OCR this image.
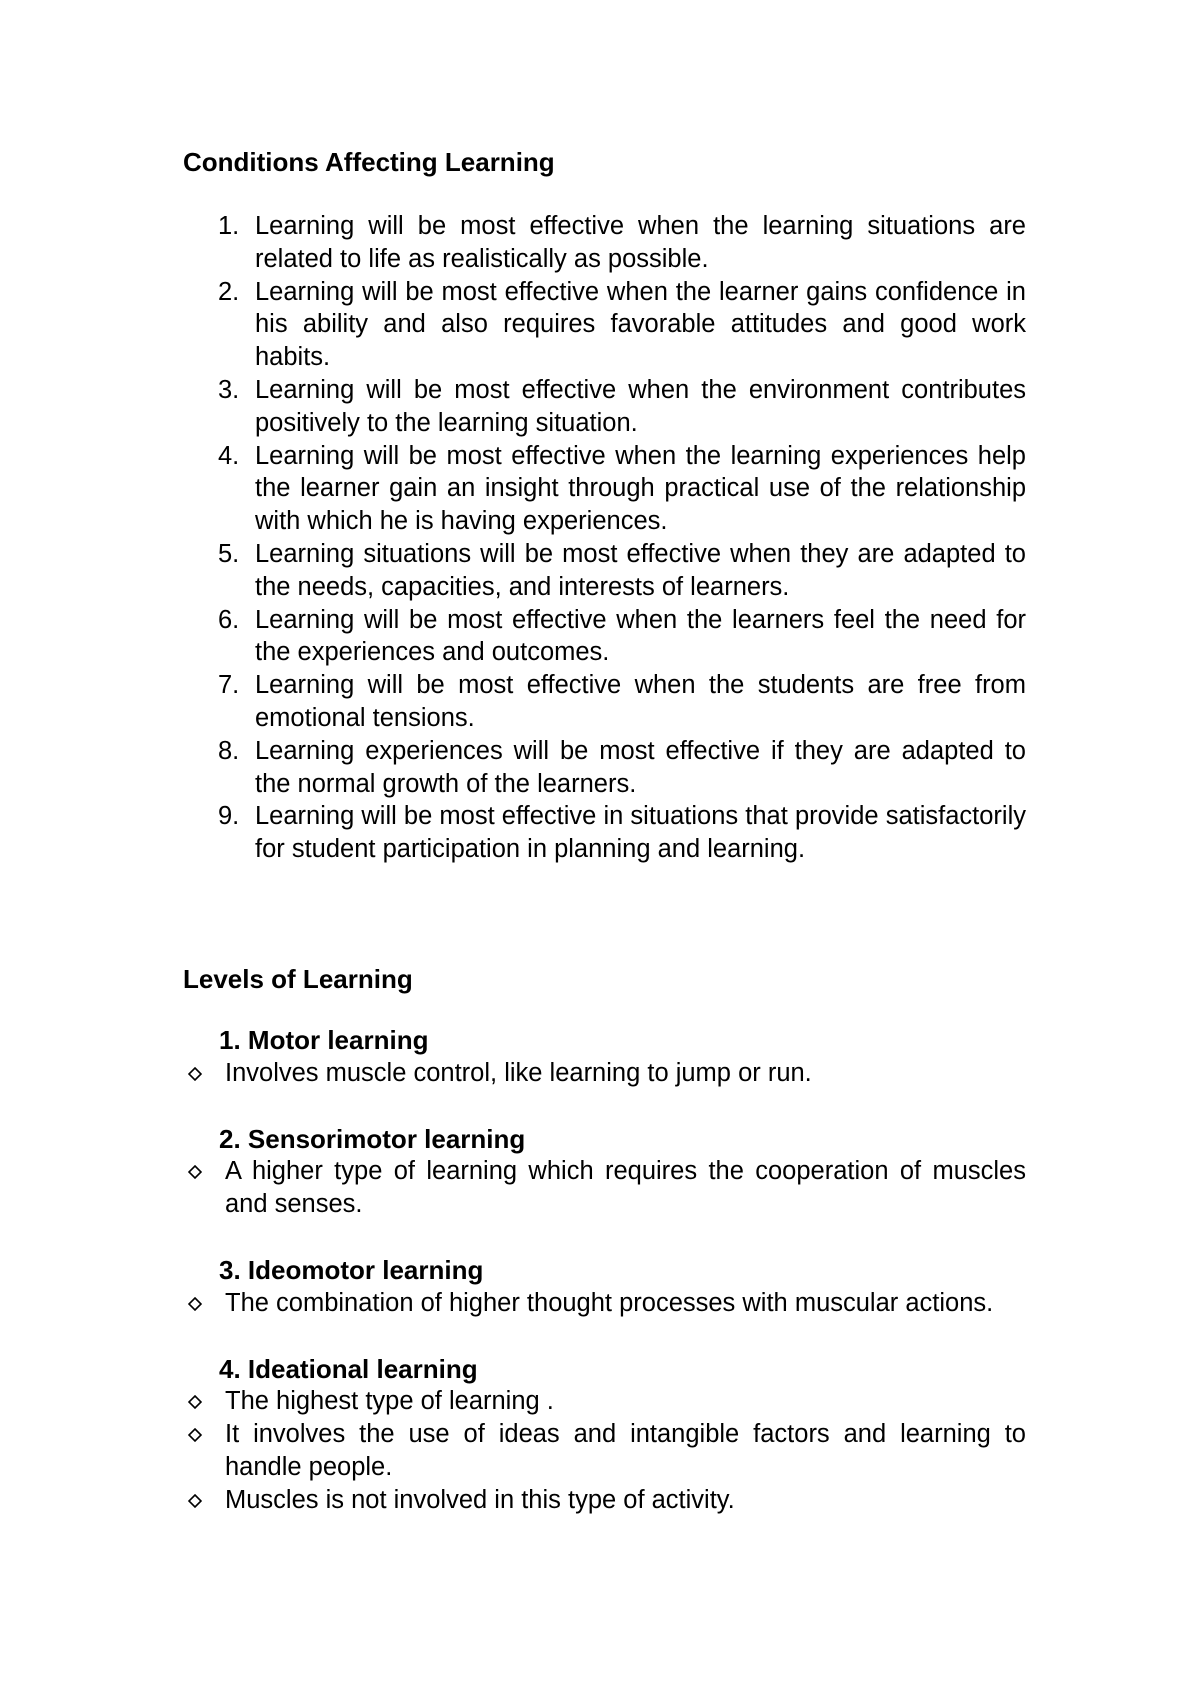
Conditions Affecting Learning
1. Learning will be most effective when the learning situations are related to life as realistically as possible.
2. Learning will be most effective when the learner gains confidence in his ability and also requires favorable attitudes and good work habits.
3. Learning will be most effective when the environment contributes positively to the learning situation.
4. Learning will be most effective when the learning experiences help the learner gain an insight through practical use of the relationship with which he is having experiences.
5. Learning situations will be most effective when they are adapted to the needs, capacities, and interests of learners.
6. Learning will be most effective when the learners feel the need for the experiences and outcomes.
7. Learning will be most effective when the students are free from emotional tensions.
8. Learning experiences will be most effective if they are adapted to the normal growth of the learners.
9. Learning will be most effective in situations that provide satisfactorily for student participation in planning and learning.
Levels of Learning
1. Motor learning
Involves muscle control, like learning to jump or run.
2. Sensorimotor learning
A higher type of learning which requires the cooperation of muscles and senses.
3. Ideomotor learning
The combination of higher thought processes with muscular actions.
4. Ideational learning
The highest type of learning .
It involves the use of ideas and intangible factors and learning to handle people.
Muscles is not involved in this type of activity.
